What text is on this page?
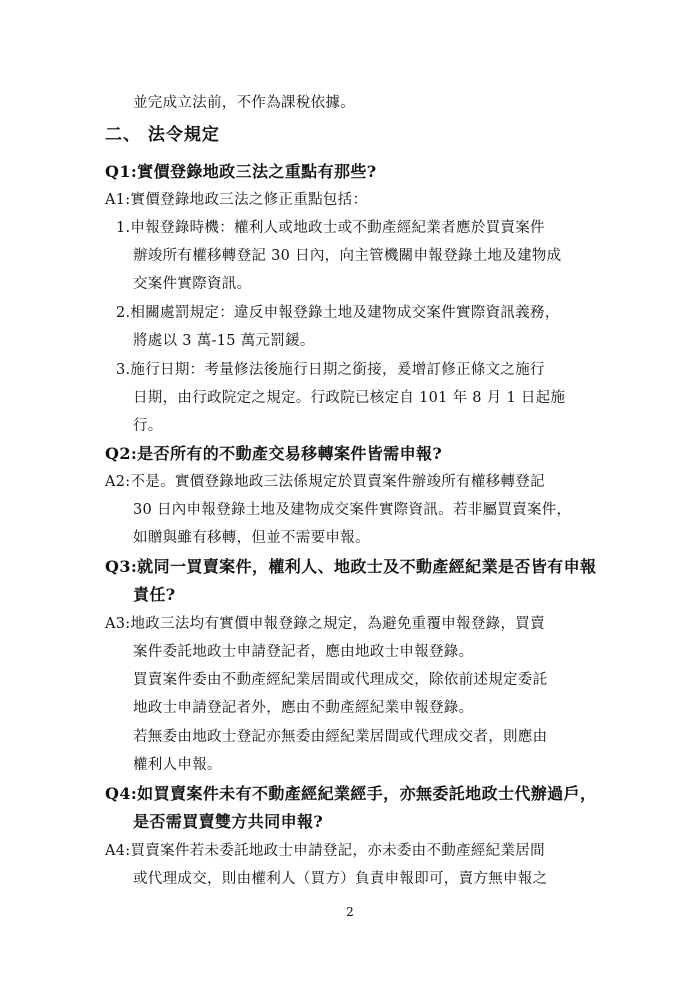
並完成立法前，不作為課稅依據。
二、 法令規定
Q1:實價登錄地政三法之重點有那些?
A1:實價登錄地政三法之修正重點包括：
1.申報登錄時機：權利人或地政士或不動產經紀業者應於買賣案件
辦竣所有權移轉登記 30 日內，向主管機關申報登錄土地及建物成
交案件實際資訊。
2.相關處罰規定：違反申報登錄土地及建物成交案件實際資訊義務，
將處以 3 萬-15 萬元罰鍰。
3.施行日期：考量修法後施行日期之銜接，爰增訂修正條文之施行
日期，由行政院定之規定。行政院已核定自 101 年 8 月 1 日起施
行。
Q2:是否所有的不動產交易移轉案件皆需申報?
A2:不是。實價登錄地政三法係規定於買賣案件辦竣所有權移轉登記
30 日內申報登錄土地及建物成交案件實際資訊。若非屬買賣案件，
如贈與雖有移轉，但並不需要申報。
Q3:就同一買賣案件，權利人、地政士及不動產經紀業是否皆有申報
責任?
A3:地政三法均有實價申報登錄之規定，為避免重覆申報登錄，買賣
案件委託地政士申請登記者，應由地政士申報登錄。
買賣案件委由不動產經紀業居間或代理成交，除依前述規定委託
地政士申請登記者外，應由不動產經紀業申報登錄。
若無委由地政士登記亦無委由經紀業居間或代理成交者，則應由
權利人申報。
Q4:如買賣案件未有不動產經紀業經手，亦無委託地政士代辦過戶，
是否需買賣雙方共同申報?
A4:買賣案件若未委託地政士申請登記，亦未委由不動產經紀業居間
或代理成交，則由權利人（買方）負責申報即可，賣方無申報之
2
